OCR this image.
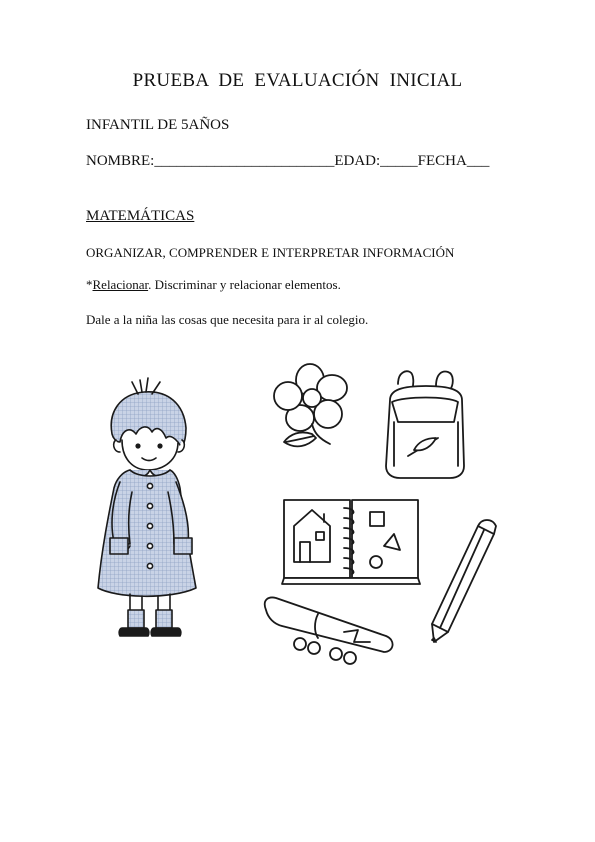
PRUEBA  DE  EVALUACIÓN  INICIAL
INFANTIL DE 5AÑOS
NOMBRE:________________________EDAD:_____FECHA___
MATEMÁTICAS
ORGANIZAR, COMPRENDER E INTERPRETAR INFORMACIÓN
*Relacionar. Discriminar y relacionar elementos.
Dale a la niña las cosas que necesita para ir al colegio.
